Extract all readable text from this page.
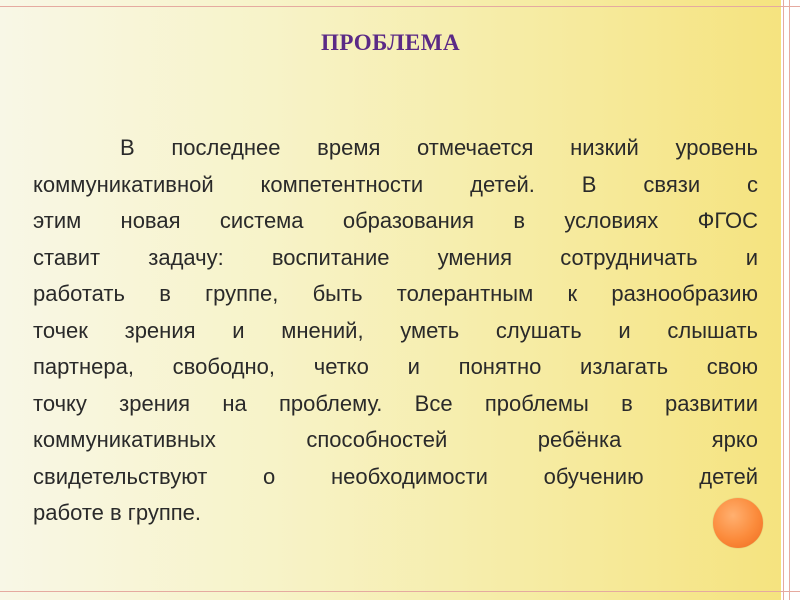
ПРОБЛЕМА
В последнее время отмечается низкий уровень
коммуникативной компетентности детей. В связи с
этим новая система образования в условиях ФГОС
ставит задачу: воспитание умения сотрудничать и
работать в группе, быть толерантным к разнообразию
точек зрения и мнений, уметь слушать и слышать
партнера, свободно, четко и понятно излагать свою
точку зрения на проблему. Все проблемы в развитии
коммуникативных способностей ребёнка ярко
свидетельствуют о необходимости обучению детей
работе в группе.
